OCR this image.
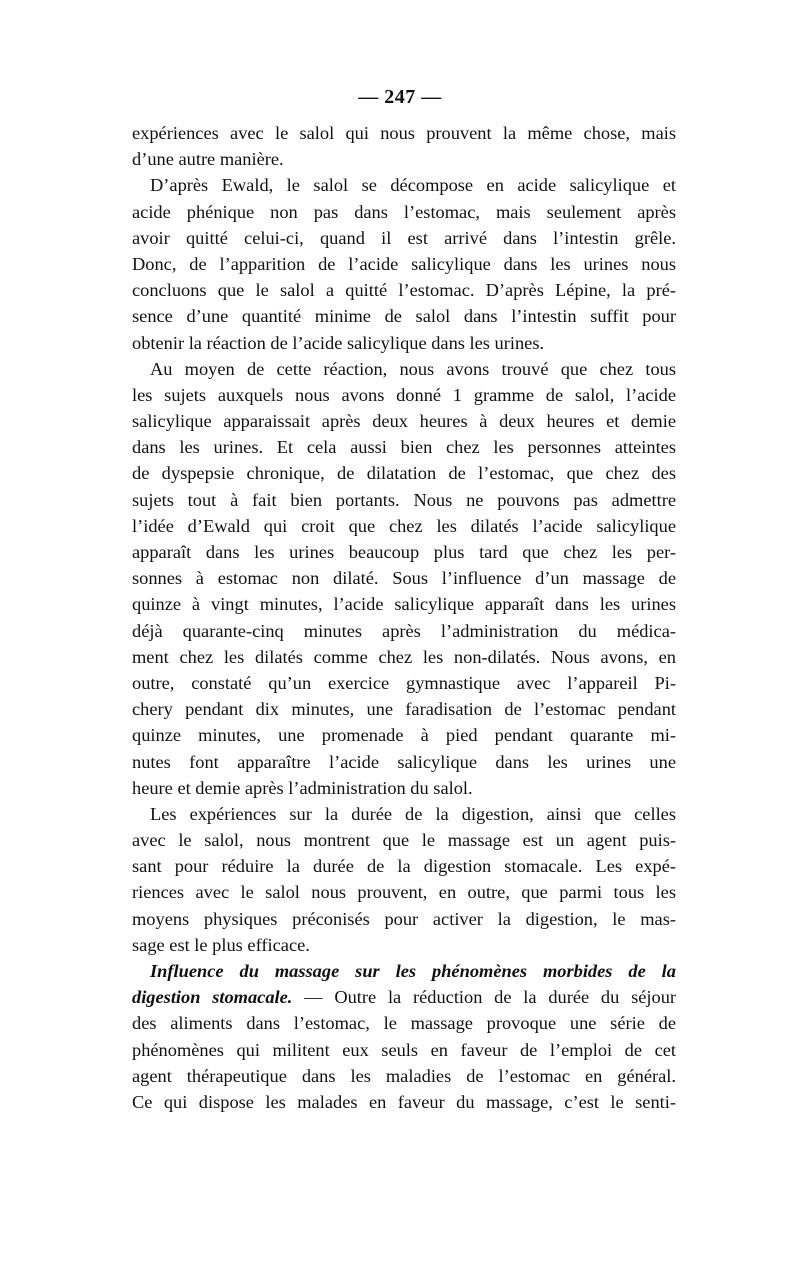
— 247 —
expériences avec le salol qui nous prouvent la même chose, mais
d’une autre manière.
D’après Ewald, le salol se décompose en acide salicylique et
acide phénique non pas dans l’estomac, mais seulement après
avoir quitté celui-ci, quand il est arrivé dans l’intestin grêle.
Donc, de l’apparition de l’acide salicylique dans les urines nous
concluons que le salol a quitté l’estomac. D’après Lépine, la pré-
sence d’une quantité minime de salol dans l’intestin suffit pour
obtenir la réaction de l’acide salicylique dans les urines.
Au moyen de cette réaction, nous avons trouvé que chez tous
les sujets auxquels nous avons donné 1 gramme de salol, l’acide
salicylique apparaissait après deux heures à deux heures et demie
dans les urines. Et cela aussi bien chez les personnes atteintes
de dyspepsie chronique, de dilatation de l’estomac, que chez des
sujets tout à fait bien portants. Nous ne pouvons pas admettre
l’idée d’Ewald qui croit que chez les dilatés l’acide salicylique
apparaît dans les urines beaucoup plus tard que chez les per-
sonnes à estomac non dilaté. Sous l’influence d’un massage de
quinze à vingt minutes, l’acide salicylique apparaît dans les urines
déjà quarante-cinq minutes après l’administration du médica-
ment chez les dilatés comme chez les non-dilatés. Nous avons, en
outre, constaté qu’un exercice gymnastique avec l’appareil Pi-
chery pendant dix minutes, une faradisation de l’estomac pendant
quinze minutes, une promenade à pied pendant quarante mi-
nutes font apparaître l’acide salicylique dans les urines une
heure et demie après l’administration du salol.
Les expériences sur la durée de la digestion, ainsi que celles
avec le salol, nous montrent que le massage est un agent puis-
sant pour réduire la durée de la digestion stomacale. Les expé-
riences avec le salol nous prouvent, en outre, que parmi tous les
moyens physiques préconisés pour activer la digestion, le mas-
sage est le plus efficace.
Influence du massage sur les phénomènes morbides de la
digestion stomacale. — Outre la réduction de la durée du séjour
des aliments dans l’estomac, le massage provoque une série de
phénomènes qui militent eux seuls en faveur de l’emploi de cet
agent thérapeutique dans les maladies de l’estomac en général.
Ce qui dispose les malades en faveur du massage, c’est le senti-
